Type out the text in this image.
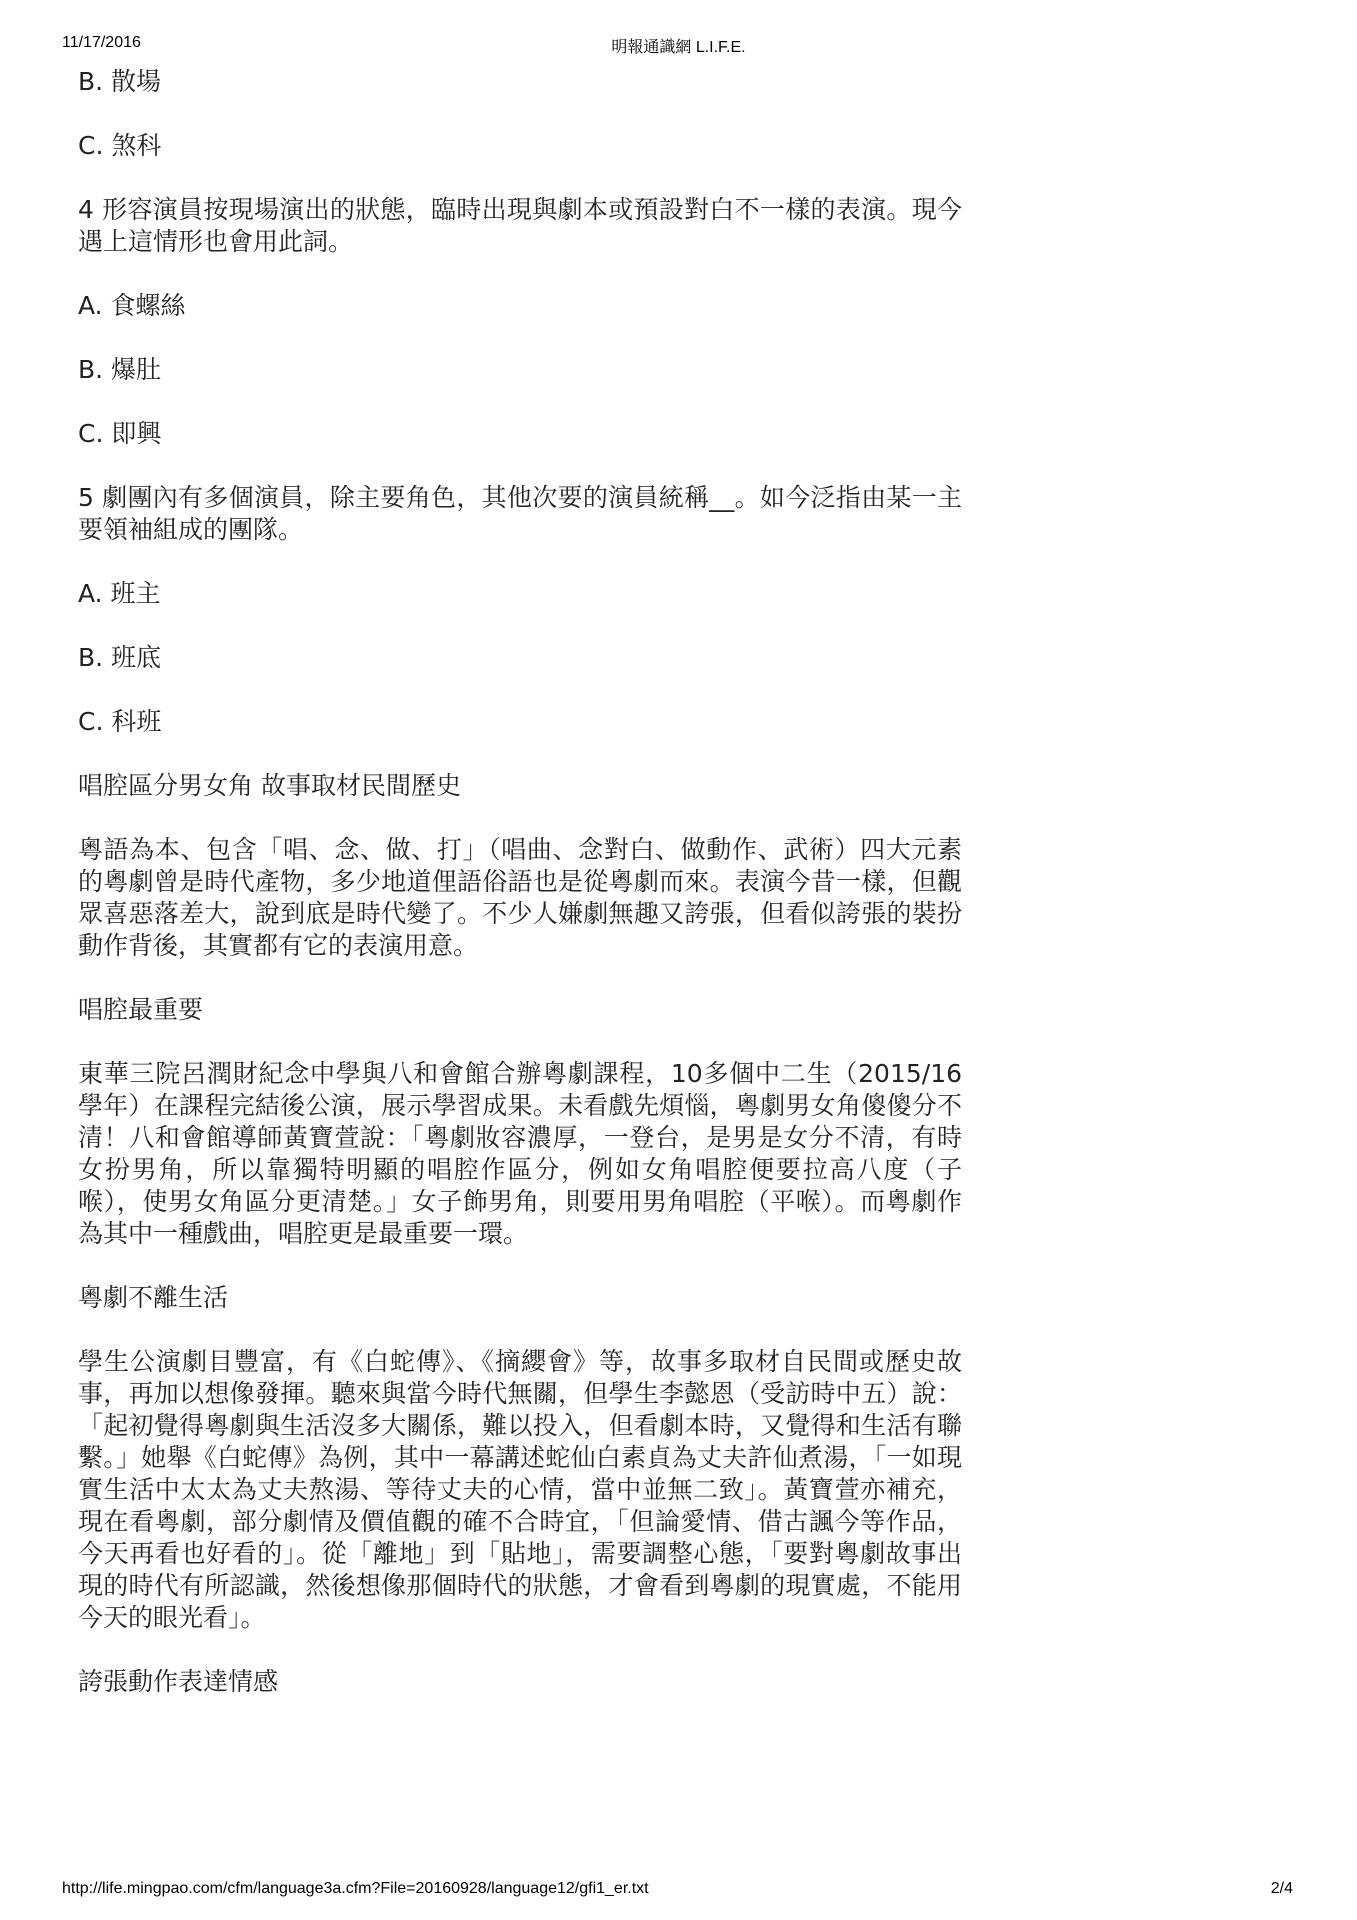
11/17/2016	明報通識網 L.I.F.E.

B. 散場

C. 煞科

4 形容演員按現場演出的狀態，臨時出現與劇本或預設對白不一樣的表演。現今遇上這情形也會用此詞。

A. 食螺絲

B. 爆肚

C. 即興

5 劇團內有多個演員，除主要角色，其他次要的演員統稱__。如今泛指由某一主要領袖組成的團隊。

A. 班主

B. 班底

C. 科班

唱腔區分男女角 故事取材民間歷史

粵語為本、包含「唱、念、做、打」（唱曲、念對白、做動作、武術）四大元素的粵劇曾是時代產物，多少地道俚語俗語也是從粵劇而來。表演今昔一樣，但觀眾喜惡落差大，說到底是時代變了。不少人嫌劇無趣又誇張，但看似誇張的裝扮動作背後，其實都有它的表演用意。

唱腔最重要

東華三院呂潤財紀念中學與八和會館合辦粵劇課程，10多個中二生（2015/16學年）在課程完結後公演，展示學習成果。未看戲先煩惱，粵劇男女角傻傻分不清！八和會館導師黃寶萱說：「粵劇妝容濃厚，一登台，是男是女分不清，有時女扮男角，所以靠獨特明顯的唱腔作區分，例如女角唱腔便要拉高八度（子喉），使男女角區分更清楚。」女子飾男角，則要用男角唱腔（平喉）。而粵劇作為其中一種戲曲，唱腔更是最重要一環。

粵劇不離生活

學生公演劇目豐富，有《白蛇傳》、《摘纓會》等，故事多取材自民間或歷史故事，再加以想像發揮。聽來與當今時代無關，但學生李懿恩（受訪時中五）說：「起初覺得粵劇與生活沒多大關係，難以投入，但看劇本時，又覺得和生活有聯繫。」她舉《白蛇傳》為例，其中一幕講述蛇仙白素貞為丈夫許仙煮湯，「一如現實生活中太太為丈夫熬湯、等待丈夫的心情，當中並無二致」。黃寶萱亦補充，現在看粵劇，部分劇情及價值觀的確不合時宜，「但論愛情、借古諷今等作品，今天再看也好看的」。從「離地」到「貼地」，需要調整心態，「要對粵劇故事出現的時代有所認識，然後想像那個時代的狀態，才會看到粵劇的現實處，不能用今天的眼光看」。

誇張動作表達情感

http://life.mingpao.com/cfm/language3a.cfm?File=20160928/language12/gfi1_er.txt	2/4
